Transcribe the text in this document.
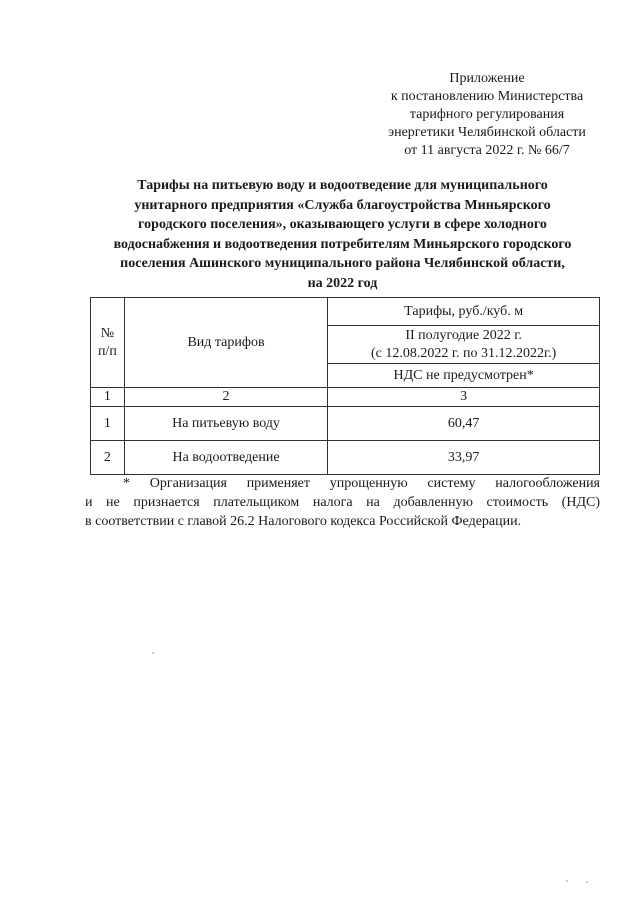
Приложение
к постановлению Министерства
тарифного регулирования
энергетики Челябинской области
от 11 августа 2022 г. № 66/7
Тарифы на питьевую воду и водоотведение для муниципального
унитарного предприятия «Служба благоустройства Миньярского
городского поселения», оказывающего услуги в сфере холодного
водоснабжения и водоотведения потребителям Миньярского городского
поселения Ашинского муниципального района Челябинской области,
на 2022 год
№
п/п	Вид тарифов	Тарифы, руб./куб. м
		II полугодие 2022 г.
(с 12.08.2022 г. по 31.12.2022г.)
		НДС не предусмотрен*
1	2	3
1	На питьевую воду	60,47
2	На водоотведение	33,97
* Организация применяет упрощенную систему налогообложения
и не признается плательщиком налога на добавленную стоимость (НДС)
в соответствии с главой 26.2 Налогового кодекса Российской Федерации.
